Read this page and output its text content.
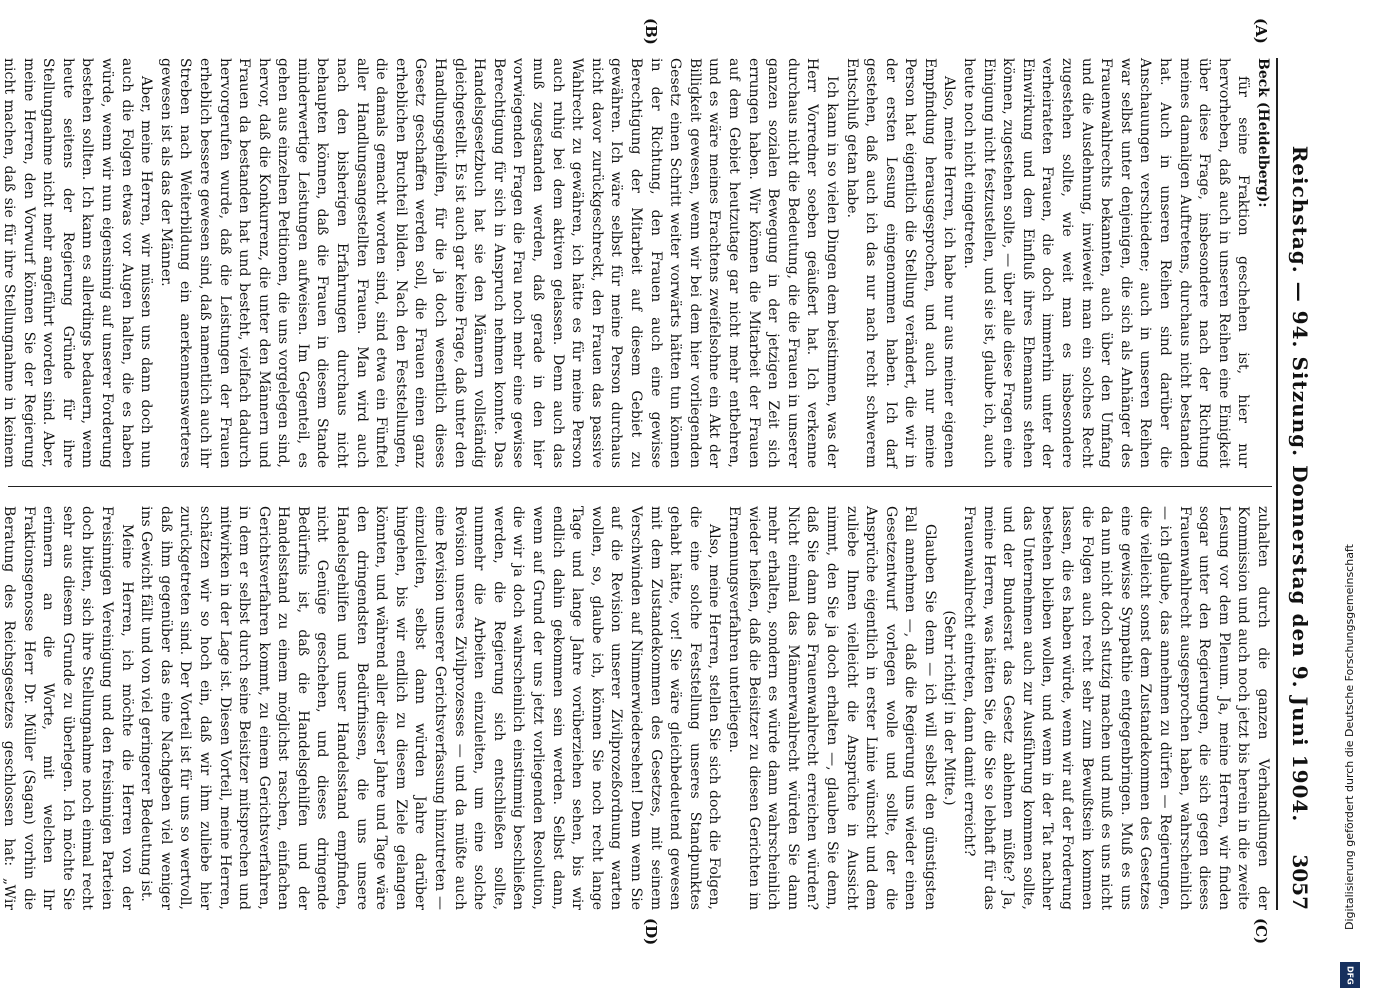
Reichstag. — 94. Sitzung. Donnerstag den 9. Juni 1904.
3057
(A)
(B)
(C)
(D)

Beck (Heidelberg):

für seine Fraktion geschehen ist, hier nur hervorheben, daß auch in unseren Reihen eine Einigkeit über diese Frage, insbesondere nach der Richtung meines damaligen Auftretens, durchaus nicht bestanden hat. Auch in unseren Reihen sind darüber die Anschauungen verschiedene; auch in unseren Reihen war selbst unter denjenigen, die sich als Anhänger des Frauenwahlrechts bekannten, auch über den Umfang und die Ausdehnung, inwieweit man ein solches Recht zugestehen sollte, wie weit man es insbesondere verheirateten Frauen, die doch immerhin unter der Einwirkung und dem Einfluß ihres Ehemanns stehen können, zugestehen sollte, — über alle diese Fragen eine Einigung nicht festzustellen, und sie ist, glaube ich, auch heute noch nicht eingetreten.

Also, meine Herren, ich habe nur aus meiner eigenen Empfindung herausgesprochen, und auch nur meine Person hat eigentlich die Stellung verändert, die wir in der ersten Lesung eingenommen haben. Ich darf gestehen, daß auch ich das nur nach recht schwerem Entschluß getan habe.

Ich kann in so vielen Dingen dem beistimmen, was der Herr Vorredner soeben geäußert hat. Ich verkenne durchaus nicht die Bedeutung, die die Frauen in unserer ganzen sozialen Bewegung in der jetzigen Zeit sich errungen haben. Wir können die Mitarbeit der Frauen auf dem Gebiet heutzutage gar nicht mehr entbehren, und es wäre meines Erachtens zweifelsohne ein Akt der Billigkeit gewesen, wenn wir bei dem hier vorliegenden Gesetz einen Schritt weiter vorwärts hätten tun können in der Richtung, den Frauen auch eine gewisse Berechtigung der Mitarbeit auf diesem Gebiet zu gewähren. Ich wäre selbst für meine Person durchaus nicht davor zurückgeschreckt, den Frauen das passive Wahlrecht zu gewähren, ich hätte es für meine Person auch ruhig bei dem aktiven gelassen. Denn auch das muß zugestanden werden, daß gerade in den hier vorwiegenden Fragen die Frau noch mehr eine gewisse Berechtigung für sich in Anspruch nehmen konnte. Das Handelsgesetzbuch hat sie den Männern vollständig gleichgestellt. Es ist auch gar keine Frage, daß unter den Handlungsgehilfen, für die ja doch wesentlich dieses Gesetz geschaffen werden soll, die Frauen einen ganz erheblichen Bruchteil bilden. Nach den Feststellungen, die damals gemacht worden sind, sind etwa ein Fünftel aller Handlungsangestellten Frauen. Man wird auch nach den bisherigen Erfahrungen durchaus nicht behaupten können, daß die Frauen in diesem Stande minderwertige Leistungen aufweisen. Im Gegenteil, es gehen aus einzelnen Petitionen, die uns vorgelegen sind, hervor, daß die Konkurrenz, die unter den Männern und Frauen da bestanden hat und besteht, vielfach dadurch hervorgerufen wurde, daß die Leistungen der Frauen erheblich bessere gewesen sind, daß namentlich auch ihr Streben nach Weiterbildung ein anerkennenswerteres gewesen ist als das der Männer.

Aber, meine Herren, wir müssen uns dann doch nun auch die Folgen etwas vor Augen halten, die es haben würde, wenn wir nun eigensinnig auf unserer Forderung bestehen sollten. Ich kann es allerdings bedauern, wenn heute seitens der Regierung Gründe für ihre Stellungnahme nicht mehr angeführt worden sind. Aber, meine Herren, den Vorwurf können Sie der Regierung nicht machen, daß sie für ihre Stellungnahme in keinem

zuhalten durch die ganzen Verhandlungen der Kommission und auch noch jetzt bis herein in die zweite Lesung vor dem Plenum. Ja, meine Herren, wir finden sogar unter den Regierungen, die sich gegen dieses Frauenwahlrecht ausgesprochen haben, wahrscheinlich — ich glaube, das annehmen zu dürfen — Regierungen, die vielleicht sonst dem Zustandekommen des Gesetzes eine gewisse Sympathie entgegenbringen. Muß es uns da nun nicht doch stutzig machen und muß es uns nicht die Folgen auch recht sehr zum Bewußtsein kommen lassen, die es haben würde, wenn wir auf der Forderung bestehen bleiben wollen, und wenn in der Tat nachher das Unternehmen auch zur Ausführung kommen sollte, und der Bundesrat das Gesetz ablehnen müßte? Ja, meine Herren, was hätten Sie, die Sie so lebhaft für das Frauenwahlrecht eintreten, dann damit erreicht?

(Sehr richtig! in der Mitte.)

Glauben Sie denn — ich will selbst den günstigsten Fall annehmen —, daß die Regierung uns wieder einen Gesetzentwurf vorlegen wolle und sollte, der die Ansprüche eigentlich in erster Linie wünscht und dem zuliebe Ihnen vielleicht die Ansprüche in Aussicht nimmt, den Sie ja doch erhalten —, glauben Sie denn, daß Sie dann das Frauenwahlrecht erreichen würden? Nicht einmal das Männerwahlrecht würden Sie dann mehr erhalten, sondern es würde dann wahrscheinlich wieder heißen, daß die Beisitzer zu diesen Gerichten im Ernennungsverfahren unterliegen.

Also, meine Herren, stellen Sie sich doch die Folgen, die eine solche Feststellung unseres Standpunktes gehabt hätte, vor! Sie wäre gleichbedeutend gewesen mit dem Zustandekommen des Gesetzes, mit seinem Verschwinden auf Nimmerwiedersehen! Denn wenn Sie auf die Revision unserer Zivilprozeßordnung warten wollen, so, glaube ich, können Sie noch recht lange Tage und lange Jahre vorüberziehen sehen, bis wir endlich dahin gekommen sein werden. Selbst dann, wenn auf Grund der uns jetzt vorliegenden Resolution, die wir ja doch wahrscheinlich einstimmig beschließen werden, die Regierung sich entschließen sollte, nunmehr die Arbeiten einzuleiten, um eine solche Revision unseres Zivilprozesses — und da müßte auch eine Revision unserer Gerichtsverfassung hinzutreten — einzuleiten, selbst dann würden Jahre darüber hingehen, bis wir endlich zu diesem Ziele gelangen könnten, und während aller dieser Jahre und Tage wäre den dringendsten Bedürfnissen, die uns unsere Handelsgehilfen und unser Handelsstand empfinden, nicht Genüge geschehen, und dieses dringende Bedürfnis ist, daß die Handelsgehilfen und der Handelsstand zu einem möglichst raschen, einfachen Gerichtsverfahren kommt, zu einem Gerichtsverfahren, in dem er selbst durch seine Beisitzer mitsprechen und mitwirken in der Lage ist. Diesen Vorteil, meine Herren, schätzen wir so hoch ein, daß wir ihm zuliebe hier zurückgetreten sind. Der Vorteil ist für uns so wertvoll, daß ihm gegenüber das eine Nachgeben viel weniger ins Gewicht fällt und von viel geringerer Bedeutung ist.

Meine Herren, ich möchte die Herren von der Freisinnigen Vereinigung und den freisinnigen Parteien doch bitten, sich ihre Stellungnahme noch einmal recht sehr aus diesem Grunde zu überlegen. Ich möchte Sie erinnern an die Worte, mit welchen Ihr Fraktionsgenosse Herr Dr. Müller (Sagan) vorhin die Beratung des Reichsgesetzes geschlossen hat: „Wir	Digitalisierung gefördert durch die Deutsche Forschungsgemeinschaft
DFG
